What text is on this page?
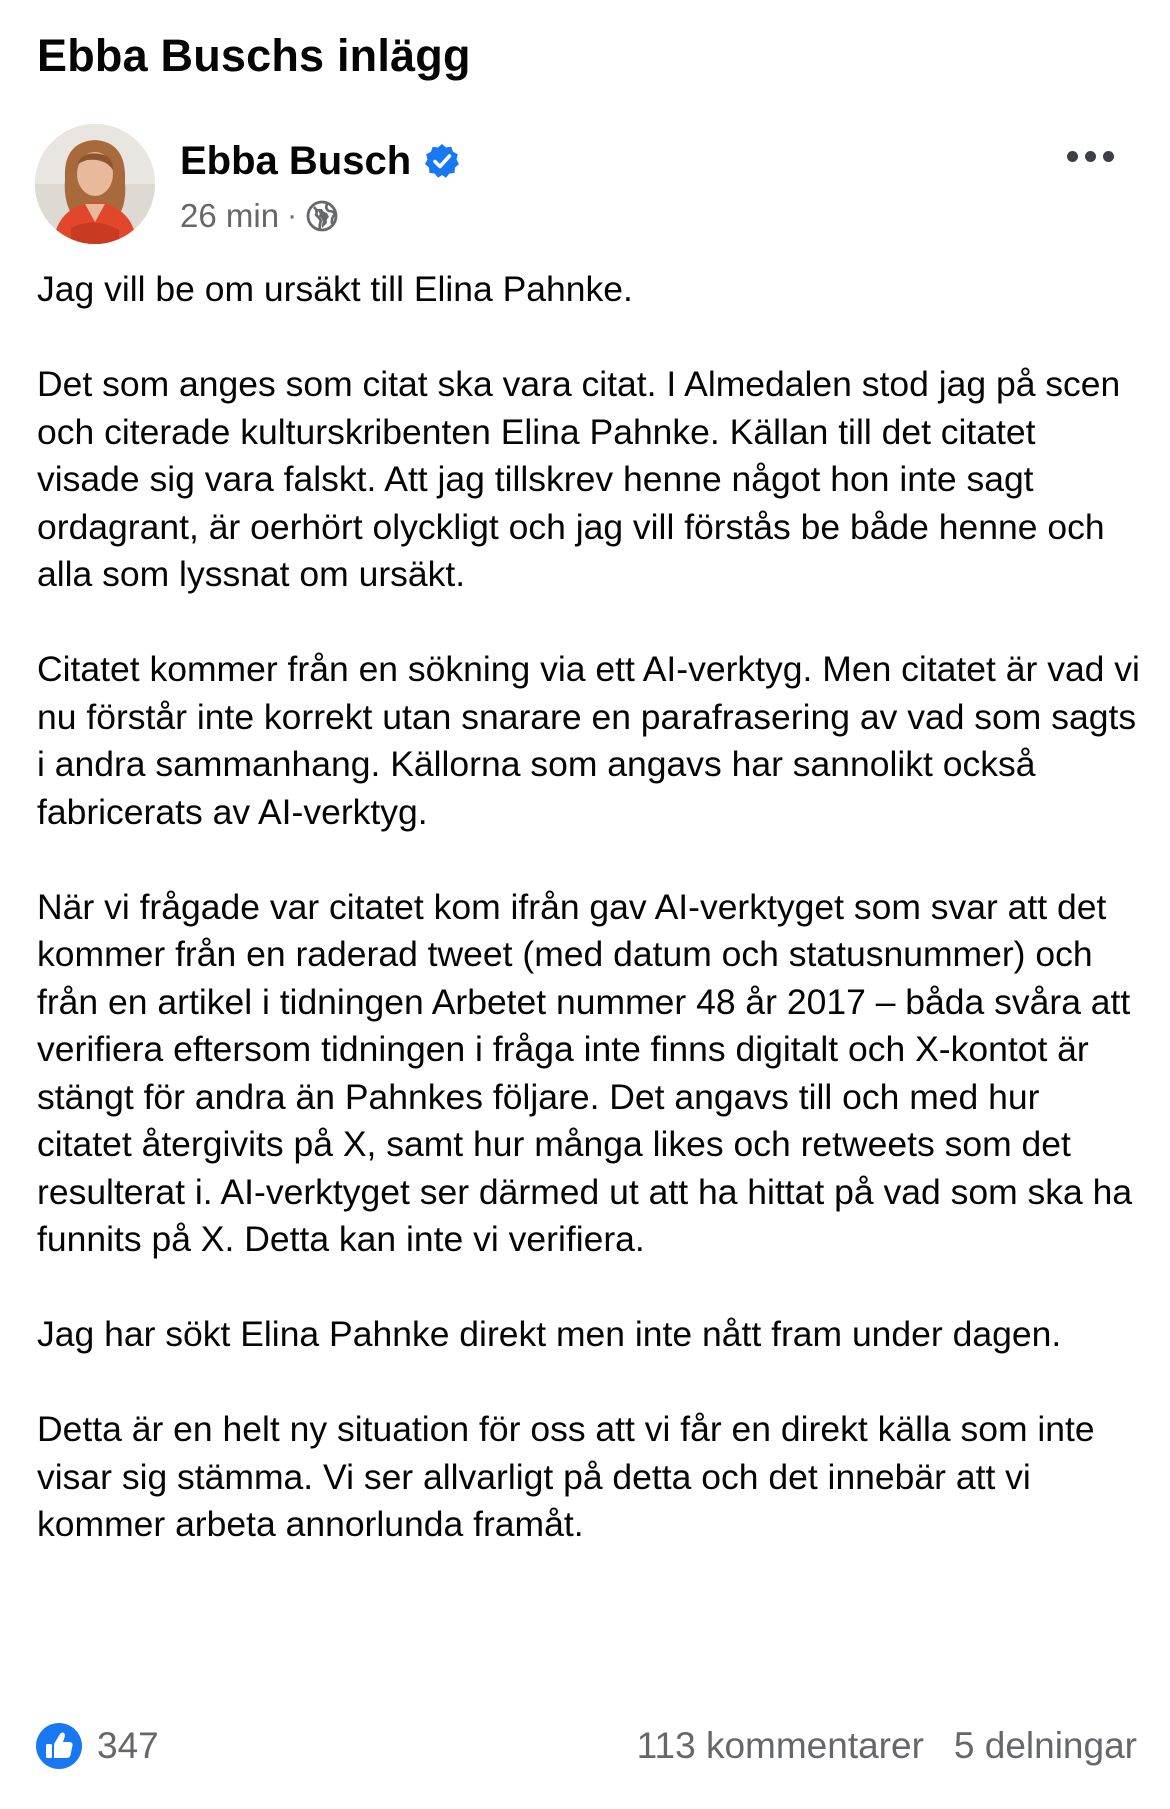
Ebba Buschs inlägg
Ebba Busch
26 min ·

Jag vill be om ursäkt till Elina Pahnke.

Det som anges som citat ska vara citat. I Almedalen stod jag på scen och citerade kulturskribenten Elina Pahnke. Källan till det citatet visade sig vara falskt. Att jag tillskrev henne något hon inte sagt ordagrant, är oerhört olyckligt och jag vill förstås be både henne och alla som lyssnat om ursäkt.

Citatet kommer från en sökning via ett AI-verktyg. Men citatet är vad vi nu förstår inte korrekt utan snarare en parafrasering av vad som sagts i andra sammanhang. Källorna som angavs har sannolikt också fabricerats av AI-verktyg.

När vi frågade var citatet kom ifrån gav AI-verktyget som svar att det kommer från en raderad tweet (med datum och statusnummer) och från en artikel i tidningen Arbetet nummer 48 år 2017 – båda svåra att verifiera eftersom tidningen i fråga inte finns digitalt och X-kontot är stängt för andra än Pahnkes följare. Det angavs till och med hur citatet återgivits på X, samt hur många likes och retweets som det resulterat i. AI-verktyget ser därmed ut att ha hittat på vad som ska ha funnits på X. Detta kan inte vi verifiera.

Jag har sökt Elina Pahnke direkt men inte nått fram under dagen.

Detta är en helt ny situation för oss att vi får en direkt källa som inte visar sig stämma. Vi ser allvarligt på detta och det innebär att vi kommer arbeta annorlunda framåt.

347	113 kommentarer 5 delningar
